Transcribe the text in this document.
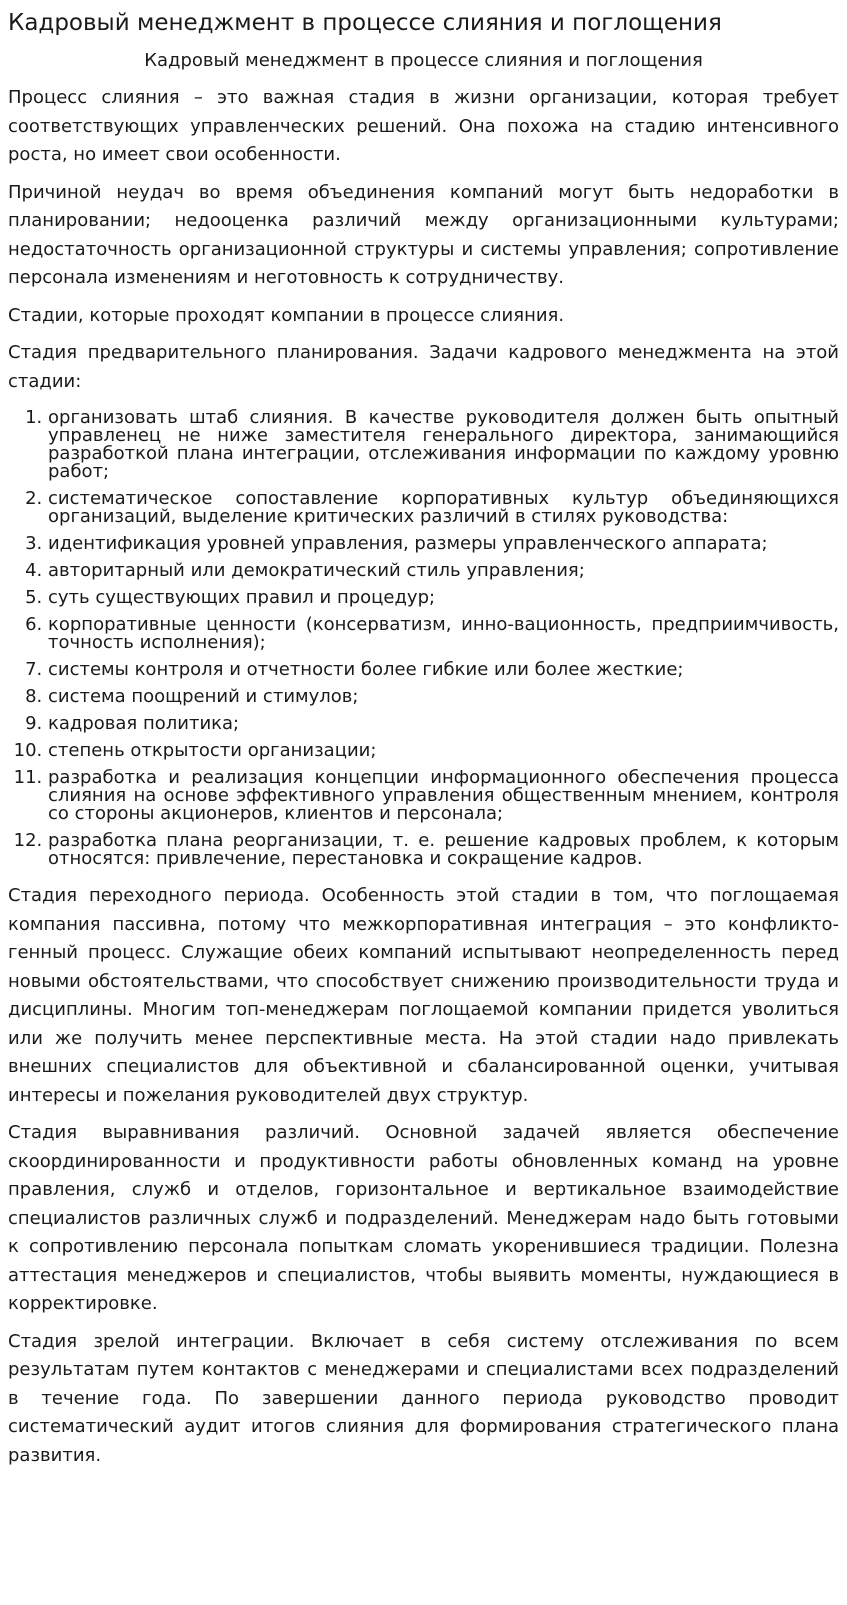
Кадровый менеджмент в процессе слияния и поглощения
Кадровый менеджмент в процессе слияния и поглощения

Процесс слияния – это важная стадия в жизни организации, которая требует соответствующих управленческих решений. Она похожа на стадию интенсивного роста, но имеет свои особенности.

Причиной неудач во время объединения компаний могут быть недоработки в планировании; недооценка различий между организационными культурами; недостаточность организационной структуры и системы управления; сопротивление персонала изменениям и неготовность к сотрудничеству.

Стадии, которые проходят компании в процессе слияния.

Стадия предварительного планирования. Задачи кадрового менеджмента на этой стадии:

1. организовать штаб слияния. В качестве руководителя должен быть опытный управленец не ниже заместителя генерального директора, занимающийся разработкой плана интеграции, отслеживания информации по каждому уровню работ;
2. систематическое сопоставление корпоративных культур объединяющихся организаций, выделение критических различий в стилях руководства:
3. идентификация уровней управления, размеры управленческого аппарата;
4. авторитарный или демократический стиль управления;
5. суть существующих правил и процедур;
6. корпоративные ценности (консерватизм, инно-вационность, предприимчивость, точность исполнения);
7. системы контроля и отчетности более гибкие или более жесткие;
8. система поощрений и стимулов;
9. кадровая политика;
10. степень открытости организации;
11. разработка и реализация концепции информационного обеспечения процесса слияния на основе эффективного управления общественным мнением, контроля со стороны акционеров, клиентов и персонала;
12. разработка плана реорганизации, т. е. решение кадровых проблем, к которым относятся: привлечение, перестановка и сокращение кадров.

Стадия переходного периода. Особенность этой стадии в том, что поглощаемая компания пассивна, потому что межкорпоративная интеграция – это конфликто-генный процесс. Служащие обеих компаний испытывают неопределенность перед новыми обстоятельствами, что способствует снижению производительности труда и дисциплины. Многим топ-менеджерам поглощаемой компании придется уволиться или же получить менее перспективные места. На этой стадии надо привлекать внешних специалистов для объективной и сбалансированной оценки, учитывая интересы и пожелания руководителей двух структур.

Стадия выравнивания различий. Основной задачей является обеспечение скоординированности и продуктивности работы обновленных команд на уровне правления, служб и отделов, горизонтальное и вертикальное взаимодействие специалистов различных служб и подразделений. Менеджерам надо быть готовыми к сопротивлению персонала попыткам сломать укоренившиеся традиции. Полезна аттестация менеджеров и специалистов, чтобы выявить моменты, нуждающиеся в корректировке.

Стадия зрелой интеграции. Включает в себя систему отслеживания по всем результатам путем контактов с менеджерами и специалистами всех подразделений в течение года. По завершении данного периода руководство проводит систематический аудит итогов слияния для формирования стратегического плана развития.
